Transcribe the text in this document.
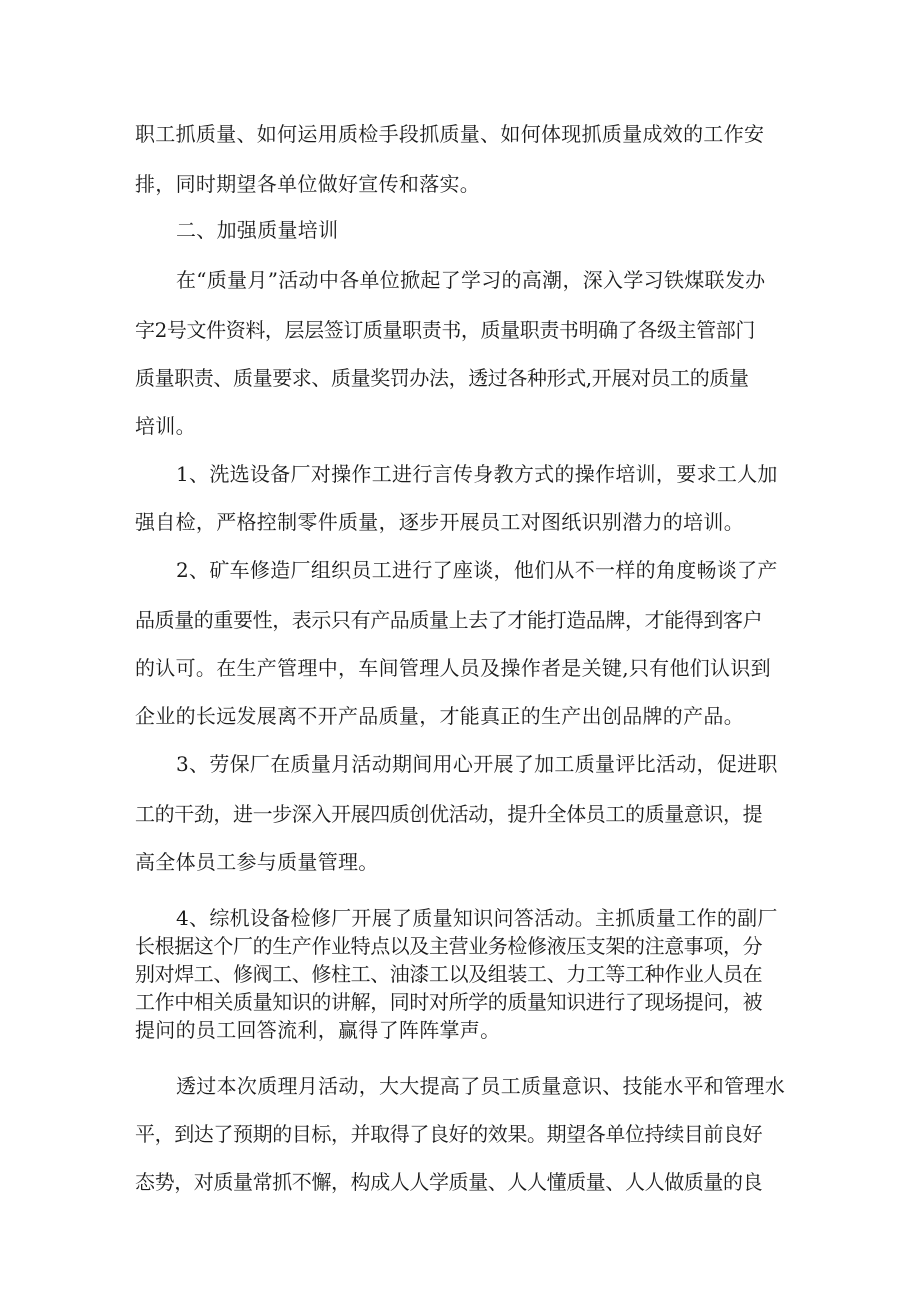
职工抓质量、如何运用质检手段抓质量、如何体现抓质量成效的工作安
排，同时期望各单位做好宣传和落实。
二、加强质量培训
在“质量月”活动中各单位掀起了学习的高潮，深入学习铁煤联发办
字2号文件资料，层层签订质量职责书，质量职责书明确了各级主管部门
质量职责、质量要求、质量奖罚办法，透过各种形式,开展对员工的质量
培训。
1、洗选设备厂对操作工进行言传身教方式的操作培训，要求工人加
强自检，严格控制零件质量，逐步开展员工对图纸识别潜力的培训。
2、矿车修造厂组织员工进行了座谈，他们从不一样的角度畅谈了产
品质量的重要性，表示只有产品质量上去了才能打造品牌，才能得到客户
的认可。在生产管理中，车间管理人员及操作者是关键,只有他们认识到
企业的长远发展离不开产品质量，才能真正的生产出创品牌的产品。
3、劳保厂在质量月活动期间用心开展了加工质量评比活动，促进职
工的干劲，进一步深入开展四质创优活动，提升全体员工的质量意识，提
高全体员工参与质量管理。
4、综机设备检修厂开展了质量知识问答活动。主抓质量工作的副厂
长根据这个厂的生产作业特点以及主营业务检修液压支架的注意事项，分
别对焊工、修阀工、修柱工、油漆工以及组装工、力工等工种作业人员在
工作中相关质量知识的讲解，同时对所学的质量知识进行了现场提问，被
提问的员工回答流利，赢得了阵阵掌声。
透过本次质理月活动，大大提高了员工质量意识、技能水平和管理水
平，到达了预期的目标，并取得了良好的效果。期望各单位持续目前良好
态势，对质量常抓不懈，构成人人学质量、人人懂质量、人人做质量的良
